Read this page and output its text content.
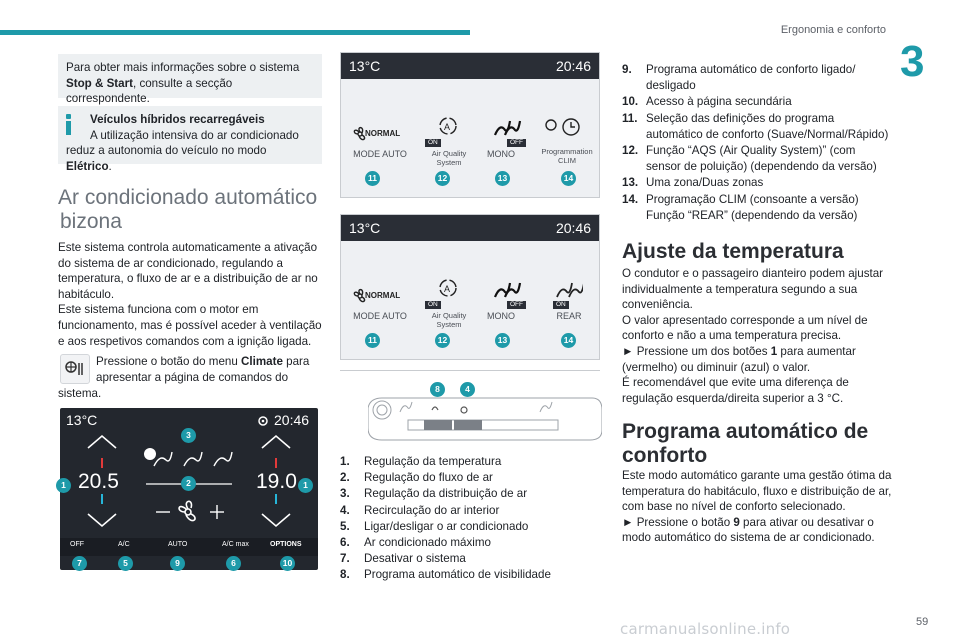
Ergonomia e conforto
3
Para obter mais informações sobre o sistema
Stop & Start, consulte a secção correspondente.
Veículos híbridos recarregáveis
A utilização intensiva do ar condicionado
reduz a autonomia do veículo no modo Elétrico.
Ar condicionado automático
bizona
Este sistema controla automaticamente a ativação
do sistema de ar condicionado, regulando a
temperatura, o fluxo de ar e a distribuição de ar no
habitáculo.
Este sistema funciona com o motor em
funcionamento, mas é possível aceder à ventilação
e aos respetivos comandos com a ignição ligada.
Pressione o botão do menu Climate para
apresentar a página de comandos do
sistema.
13°C	20:46
20.5	19.0
OFF	A/C	AUTO	A/C max	OPTIONS
1	1
2
3
7	5	9	6	10
13°C	20:46
NORMAL
ON	OFF
A
MODE AUTO	Air Quality
System
MONO	Programmation
CLIM
11	12	13	14
13°C	20:46
NORMAL
ON	OFF	ON
A
MODE AUTO	Air Quality
System
MONO	REAR
11	12	13	14
8	4
1. Regulação da temperatura
2. Regulação do fluxo de ar
3. Regulação da distribuição de ar
4. Recirculação do ar interior
5. Ligar/desligar o ar condicionado
6. Ar condicionado máximo
7. Desativar o sistema
8. Programa automático de visibilidade
9. Programa automático de conforto ligado/
desligado
10. Acesso à página secundária
11. Seleção das definições do programa
automático de conforto (Suave/Normal/Rápido)
12. Função “AQS (Air Quality System)” (com
sensor de poluição) (dependendo da versão)
13. Uma zona/Duas zonas
14. Programação CLIM (consoante a versão)
Função “REAR” (dependendo da versão)
Ajuste da temperatura
O condutor e o passageiro dianteiro podem ajustar
individualmente a temperatura segundo a sua
conveniência.
O valor apresentado corresponde a um nível de
conforto e não a uma temperatura precisa.
► Pressione um dos botões 1 para aumentar
(vermelho) ou diminuir (azul) o valor.
É recomendável que evite uma diferença de
regulação esquerda/direita superior a 3 °C.
Programa automático de
conforto
Este modo automático garante uma gestão ótima da
temperatura do habitáculo, fluxo e distribuição de ar,
com base no nível de conforto selecionado.
► Pressione o botão 9 para ativar ou desativar o
modo automático do sistema de ar condicionado.
carmanualsonline.info	59
